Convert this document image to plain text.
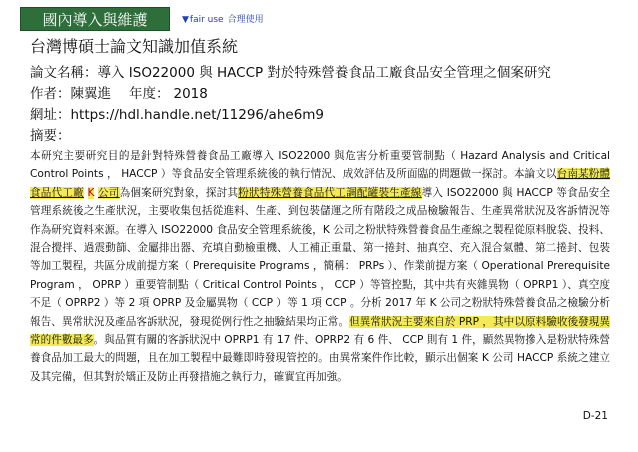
國內導入與維護	▼fair use 合理使用
台灣博碩士論文知識加值系統
論文名稱：導入 ISO22000 與 HACCP 對於特殊營養食品工廠食品安全管理之個案研究
作者：陳翼進 年度： 2018
網址：https://hdl.handle.net/11296/ahe6m9
摘要：
本研究主要研究目的是針對特殊營養食品工廠導入 ISO22000 與危害分析重要管制點（ Hazard Analysis and Critical Control Points ， HACCP ）等食品安全管理系統後的執行情況、成效評估及所面臨的問題做一探討。本論文以台南某粉體食品代工廠 K 公司為個案研究對象，探討其粉狀特殊營養食品代工調配罐裝生產線導入 ISO22000 與 HACCP 等食品安全管理系統後之生產狀況，主要收集包括從進料、生產、到包裝儲運之所有階段之成品檢驗報告、生產異常狀況及客訴情況等作為研究資料來源。在導入 ISO22000 食品安全管理系統後，K 公司之粉狀特殊營養食品生產線之製程從原料脫袋、投料、混合攪拌、過震動篩、金屬排出器、充填自動檢重機、人工補正重量、第一捲封、抽真空、充入混合氣體、第二捲封、包裝等加工製程，共區分成前提方案（ Prerequisite Programs ，簡稱： PRPs ）、作業前提方案（ Operational Prerequisite Program ， OPRP ）重要管制點（ Critical Control Points ， CCP ）等管控點，其中共有夾雜異物（ OPRP1 ）、真空度不足（ OPRP2 ）等 2 項 OPRP 及金屬異物（ CCP ）等 1 項 CCP 。分析 2017 年 K 公司之粉狀特殊營養食品之檢驗分析報告、異常狀況及產品客訴狀況，發現從例行性之抽驗結果均正常。但異常狀況主要來自於 PRP ，其中以原料驗收後發現異常的件數最多。與品質有關的客訴狀況中 OPRP1 有 17 件、OPRP2 有 6 件、 CCP 則有 1 件，顯然異物摻入是粉狀特殊營養食品加工最大的問題，且在加工製程中最難即時發現管控的。由異常案件作比較，顯示出個案 K 公司 HACCP 系統之建立及其完備，但其對於矯正及防止再發措施之執行力，確實宜再加強。
D-21
